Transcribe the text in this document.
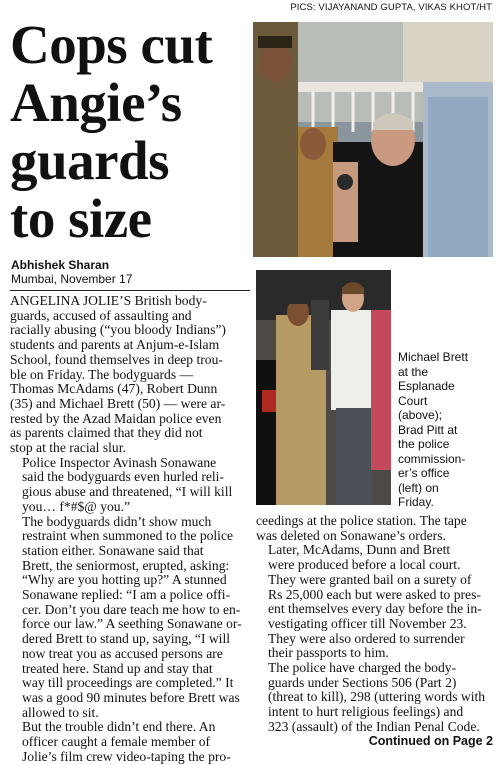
PICS: VIJAYANAND GUPTA, VIKAS KHOT/HT
Cops cut
Angie’s
guards
to size
Abhishek Sharan
Mumbai, November 17
Michael Brett
at the
Esplanade
Court
(above);
Brad Pitt at
the police
commission-
er’s office
(left) on
Friday.
ANGELINA JOLIE’S British body-
guards, accused of assaulting and
racially abusing (“you bloody Indians”)
students and parents at Anjum-e-Islam
School, found themselves in deep trou-
ble on Friday. The bodyguards —
Thomas McAdams (47), Robert Dunn
(35) and Michael Brett (50) — were ar-
rested by the Azad Maidan police even
as parents claimed that they did not
stop at the racial slur.
Police Inspector Avinash Sonawane
said the bodyguards even hurled reli-
gious abuse and threatened, “I will kill
you… f*#$@ you.”
The bodyguards didn’t show much
restraint when summoned to the police
station either. Sonawane said that
Brett, the seniormost, erupted, asking:
“Why are you hotting up?” A stunned
Sonawane replied: “I am a police offi-
cer. Don’t you dare teach me how to en-
force our law.” A seething Sonawane or-
dered Brett to stand up, saying, “I will
now treat you as accused persons are
treated here. Stand up and stay that
way till proceedings are completed.” It
was a good 90 minutes before Brett was
allowed to sit.
But the trouble didn’t end there. An
officer caught a female member of
Jolie’s film crew video-taping the pro-
ceedings at the police station. The tape
was deleted on Sonawane’s orders.
Later, McAdams, Dunn and Brett
were produced before a local court.
They were granted bail on a surety of
Rs 25,000 each but were asked to pres-
ent themselves every day before the in-
vestigating officer till November 23.
They were also ordered to surrender
their passports to him.
The police have charged the body-
guards under Sections 506 (Part 2)
(threat to kill), 298 (uttering words with
intent to hurt religious feelings) and
323 (assault) of the Indian Penal Code.
Continued on Page 2
